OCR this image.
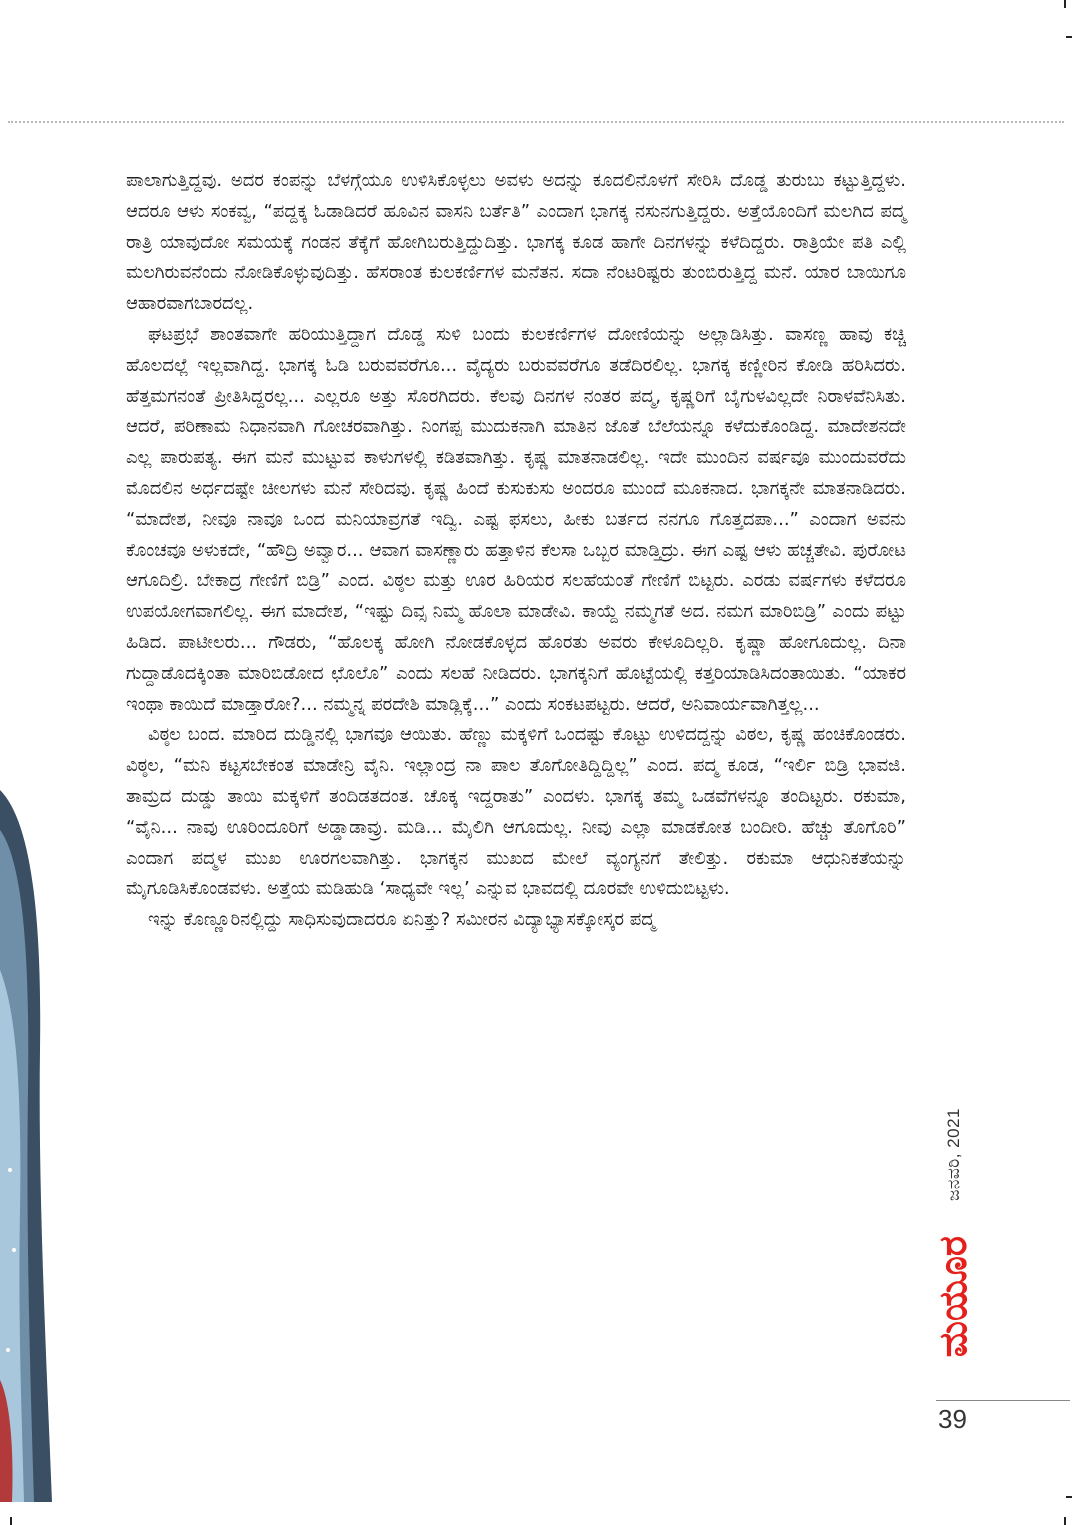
ಪಾಲಾಗುತ್ತಿದ್ದವು. ಅದರ ಕಂಪನ್ನು ಬೆಳಗ್ಗೆಯೂ ಉಳಿಸಿಕೊಳ್ಳಲು ಅವಳು ಅದನ್ನು ಕೂದಲಿನೊಳಗೆ ಸೇರಿಸಿ ದೊಡ್ಡ ತುರುಬು ಕಟ್ಟುತ್ತಿದ್ದಳು. ಆದರೂ ಆಳು ಸಂಕವ್ವ, “ಪದ್ದಕ್ಕ ಓಡಾಡಿದರೆ ಹೂವಿನ ವಾಸನಿ ಬರ್ತೆತಿ” ಎಂದಾಗ ಭಾಗಕ್ಕ ನಸುನಗುತ್ತಿದ್ದರು. ಅತ್ತೆಯೊಂದಿಗೆ ಮಲಗಿದ ಪದ್ಮ ರಾತ್ರಿ ಯಾವುದೋ ಸಮಯಕ್ಕೆ ಗಂಡನ ತೆಕ್ಕೆಗೆ ಹೋಗಿಬರುತ್ತಿದ್ದುದಿತ್ತು. ಭಾಗಕ್ಕ ಕೂಡ ಹಾಗೇ ದಿನಗಳನ್ನು ಕಳೆದಿದ್ದರು. ರಾತ್ರಿಯೇ ಪತಿ ಎಲ್ಲಿ ಮಲಗಿರುವನೆಂದು ನೋಡಿಕೊಳ್ಳುವುದಿತ್ತು. ಹೆಸರಾಂತ ಕುಲಕರ್ಣಿಗಳ ಮನೆತನ. ಸದಾ ನೆಂಟರಿಷ್ಟರು ತುಂಬಿರುತ್ತಿದ್ದ ಮನೆ. ಯಾರ ಬಾಯಿಗೂ ಆಹಾರವಾಗಬಾರದಲ್ಲ.

ಘಟಪ್ರಭೆ ಶಾಂತವಾಗೇ ಹರಿಯುತ್ತಿದ್ದಾಗ ದೊಡ್ಡ ಸುಳಿ ಬಂದು ಕುಲಕರ್ಣಿಗಳ ದೋಣಿಯನ್ನು ಅಲ್ಲಾಡಿಸಿತ್ತು. ವಾಸಣ್ಣ ಹಾವು ಕಚ್ಚಿ ಹೊಲದಲ್ಲೆ ಇಲ್ಲವಾಗಿದ್ದ. ಭಾಗಕ್ಕ ಓಡಿ ಬರುವವರೆಗೂ... ವೈದ್ಯರು ಬರುವವರೆಗೂ ತಡೆದಿರಲಿಲ್ಲ. ಭಾಗಕ್ಕ ಕಣ್ಣೀರಿನ ಕೋಡಿ ಹರಿಸಿದರು. ಹೆತ್ತಮಗನಂತೆ ಪ್ರೀತಿಸಿದ್ದರಲ್ಲ... ಎಲ್ಲರೂ ಅತ್ತು ಸೊರಗಿದರು. ಕೆಲವು ದಿನಗಳ ನಂತರ ಪದ್ಮ, ಕೃಷ್ಣರಿಗೆ ಬೈಗುಳವಿಲ್ಲದೇ ನಿರಾಳವೆನಿಸಿತು. ಆದರೆ, ಪರಿಣಾಮ ನಿಧಾನವಾಗಿ ಗೋಚರವಾಗಿತ್ತು. ನಿಂಗಪ್ಪ ಮುದುಕನಾಗಿ ಮಾತಿನ ಜೊತೆ ಬೆಲೆಯನ್ನೂ ಕಳೆದುಕೊಂಡಿದ್ದ. ಮಾದೇಶನದೇ ಎಲ್ಲ ಪಾರುಪತ್ಯ. ಈಗ ಮನೆ ಮುಟ್ಟುವ ಕಾಳುಗಳಲ್ಲಿ ಕಡಿತವಾಗಿತ್ತು. ಕೃಷ್ಣ ಮಾತನಾಡಲಿಲ್ಲ. ಇದೇ ಮುಂದಿನ ವರ್ಷವೂ ಮುಂದುವರೆದು ಮೊದಲಿನ ಅರ್ಧದಷ್ಟೇ ಚೀಲಗಳು ಮನೆ ಸೇರಿದವು. ಕೃಷ್ಣ ಹಿಂದೆ ಕುಸುಕುಸು ಅಂದರೂ ಮುಂದೆ ಮೂಕನಾದ. ಭಾಗಕ್ಕನೇ ಮಾತನಾಡಿದರು. “ಮಾದೇಶ, ನೀವೂ ನಾವೂ ಒಂದ ಮನಿಯಾವ್ರಗತೆ ಇದ್ವಿ. ಎಷ್ಟ ಫಸಲು, ಹೀಕು ಬರ್ತದ ನನಗೂ ಗೊತ್ತದಪಾ...” ಎಂದಾಗ ಅವನು ಕೊಂಚವೂ ಅಳುಕದೇ, “ಹೌದ್ರಿ ಅವ್ವಾರ... ಆವಾಗ ವಾಸಣ್ಣಾರು ಹತ್ತಾಳಿನ ಕೆಲಸಾ ಒಬ್ಬರ ಮಾಡ್ತಿದ್ರು. ಈಗ ಎಷ್ಟ ಆಳು ಹಚ್ಚತೇವಿ. ಪುರೋಟ ಆಗೂದಿಲ್ರಿ. ಬೇಕಾದ್ರ ಗೇಣಿಗೆ ಬಿಡ್ರಿ” ಎಂದ. ವಿಠ್ಠಲ ಮತ್ತು ಊರ ಹಿರಿಯರ ಸಲಹೆಯಂತೆ ಗೇಣಿಗೆ ಬಿಟ್ಟರು. ಎರಡು ವರ್ಷಗಳು ಕಳೆದರೂ ಉಪಯೋಗವಾಗಲಿಲ್ಲ. ಈಗ ಮಾದೇಶ, “ಇಷ್ಟು ದಿವ್ಸ ನಿಮ್ಮ ಹೊಲಾ ಮಾಡೇವಿ. ಕಾಯ್ದೆ ನಮ್ಮಗತೆ ಅದ. ನಮಗ ಮಾರಿಬಿಡ್ರಿ” ಎಂದು ಪಟ್ಟು ಹಿಡಿದ. ಪಾಟೀಲರು... ಗೌಡರು, “ಹೊಲಕ್ಕ ಹೋಗಿ ನೋಡಕೊಳ್ಳದ ಹೊರತು ಅವರು ಕೇಳೂದಿಲ್ಲರಿ. ಕೃಷ್ಣಾ ಹೋಗೂದುಲ್ಲ. ದಿನಾ ಗುದ್ದಾಡೊದಕ್ಕಿಂತಾ ಮಾರಿಬಿಡೋದ ಛೊಲೊ” ಎಂದು ಸಲಹೆ ನೀಡಿದರು. ಭಾಗಕ್ಕನಿಗೆ ಹೊಟ್ಟೆಯಲ್ಲಿ ಕತ್ತರಿಯಾಡಿಸಿದಂತಾಯಿತು. “ಯಾಕರ ಇಂಥಾ ಕಾಯಿದೆ ಮಾಡ್ತಾರೋ?... ನಮ್ಮನ್ನ ಪರದೇಶಿ ಮಾಡ್ಲಿಕ್ಕೆ...” ಎಂದು ಸಂಕಟಪಟ್ಟರು. ಆದರೆ, ಅನಿವಾರ್ಯವಾಗಿತ್ತಲ್ಲ...

ವಿಠ್ಠಲ ಬಂದ. ಮಾರಿದ ದುಡ್ಡಿನಲ್ಲಿ ಭಾಗವೂ ಆಯಿತು. ಹೆಣ್ಣು ಮಕ್ಕಳಿಗೆ ಒಂದಷ್ಟು ಕೊಟ್ಟು ಉಳಿದದ್ದನ್ನು ವಿಠಲ, ಕೃಷ್ಣ ಹಂಚಿಕೊಂಡರು. ವಿಠ್ಠಲ, “ಮನಿ ಕಟ್ಟಸಬೇಕಂತ ಮಾಡೇನ್ರಿ ವೈನಿ. ಇಲ್ಲಾಂದ್ರ ನಾ ಪಾಲ ತೊಗೋತಿದ್ದಿದ್ದಿಲ್ಲ” ಎಂದ. ಪದ್ಮ ಕೂಡ, “ಇರ್ಲಿ ಬಿಡ್ರಿ ಭಾವಜಿ. ತಾಮ್ರದ ದುಡ್ಡು ತಾಯಿ ಮಕ್ಕಳಿಗೆ ತಂದಿಡತದಂತ. ಚೊಕ್ಕ ಇದ್ದರಾತು” ಎಂದಳು. ಭಾಗಕ್ಕ ತಮ್ಮ ಒಡವೆಗಳನ್ನೂ ತಂದಿಟ್ಟರು. ರಕುಮಾ, “ವೈನಿ... ನಾವು ಊರಿಂದೂರಿಗೆ ಅಡ್ಡಾಡಾವ್ರು. ಮಡಿ... ಮೈಲಿಗಿ ಆಗೂದುಲ್ಲ. ನೀವು ಎಲ್ಲಾ ಮಾಡಕೋತ ಬಂದೀರಿ. ಹೆಚ್ಚು ತೊಗೊರಿ” ಎಂದಾಗ ಪದ್ಮಳ ಮುಖ ಊರಗಲವಾಗಿತ್ತು. ಭಾಗಕ್ಕನ ಮುಖದ ಮೇಲೆ ವ್ಯಂಗ್ಯನಗೆ ತೇಲಿತ್ತು. ರಕುಮಾ ಆಧುನಿಕತೆಯನ್ನು ಮೈಗೂಡಿಸಿಕೊಂಡವಳು. ಅತ್ತೆಯ ಮಡಿಹುಡಿ ‘ಸಾಧ್ಯವೇ ಇಲ್ಲ’ ಎನ್ನುವ ಭಾವದಲ್ಲಿ ದೂರವೇ ಉಳಿದುಬಿಟ್ಟಳು.

ಇನ್ನು ಕೊಣ್ಣೂರಿನಲ್ಲಿದ್ದು ಸಾಧಿಸುವುದಾದರೂ ಏನಿತ್ತು? ಸಮೀರನ ವಿದ್ಯಾಭ್ಯಾಸಕ್ಕೋಸ್ಕರ ಪದ್ಮ

ಜನವರಿ, 2021
ಮಯೂರ
39
